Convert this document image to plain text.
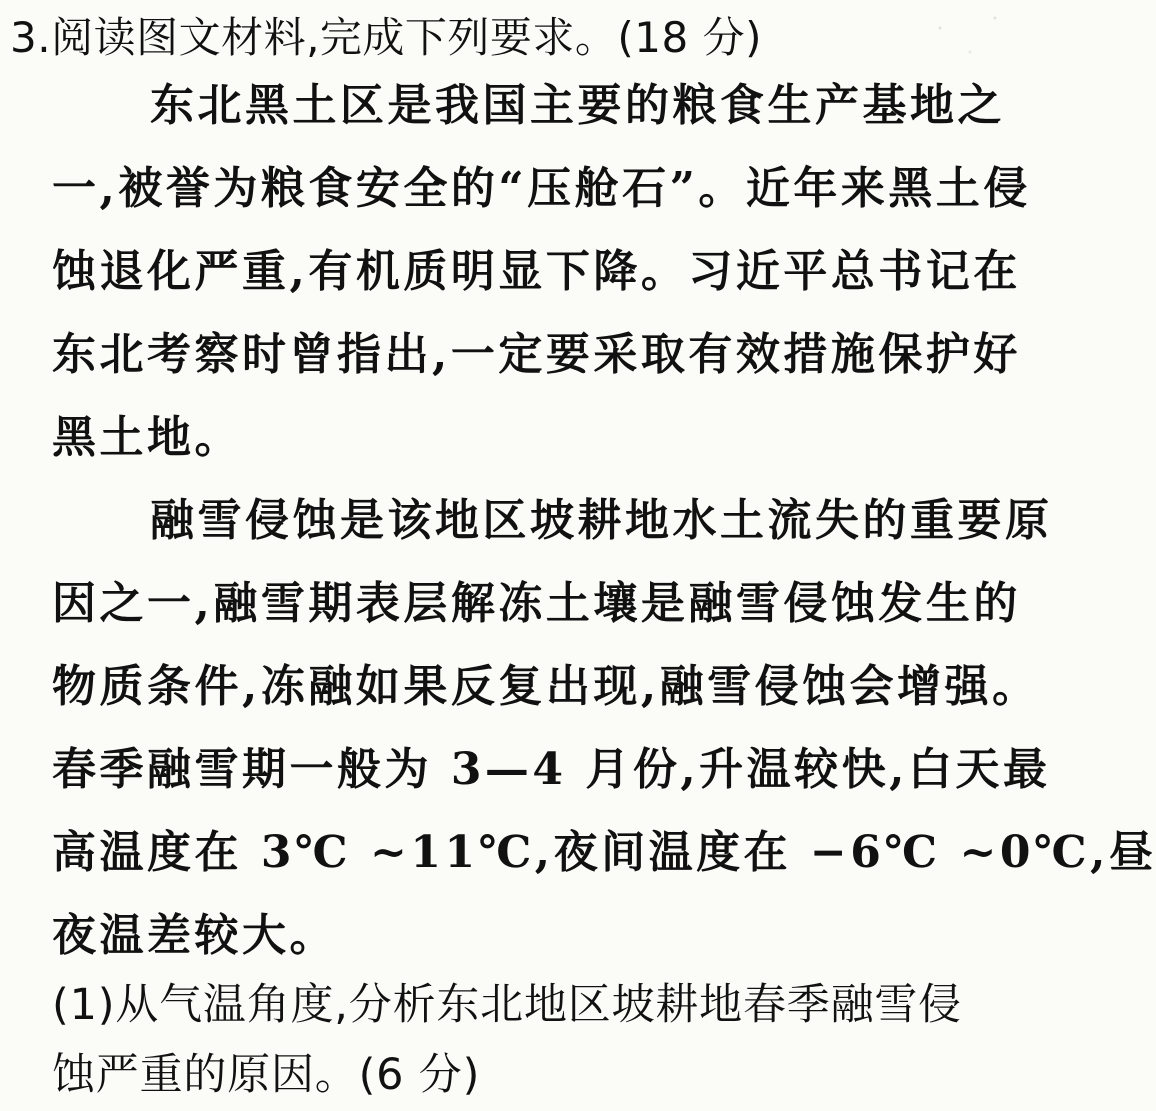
3.阅读图文材料,完成下列要求。(18 分)
东北黑土区是我国主要的粮食生产基地之
一,被誉为粮食安全的“压舱石”。近年来黑土侵
蚀退化严重,有机质明显下降。习近平总书记在
东北考察时曾指出,一定要采取有效措施保护好
黑土地。
融雪侵蚀是该地区坡耕地水土流失的重要原
因之一,融雪期表层解冻土壤是融雪侵蚀发生的
物质条件,冻融如果反复出现,融雪侵蚀会增强。
春季融雪期一般为 3—4 月份,升温较快,白天最
高温度在 3℃ ~11℃,夜间温度在 −6℃ ~0℃,昼
夜温差较大。
(1)从气温角度,分析东北地区坡耕地春季融雪侵
蚀严重的原因。(6 分)
